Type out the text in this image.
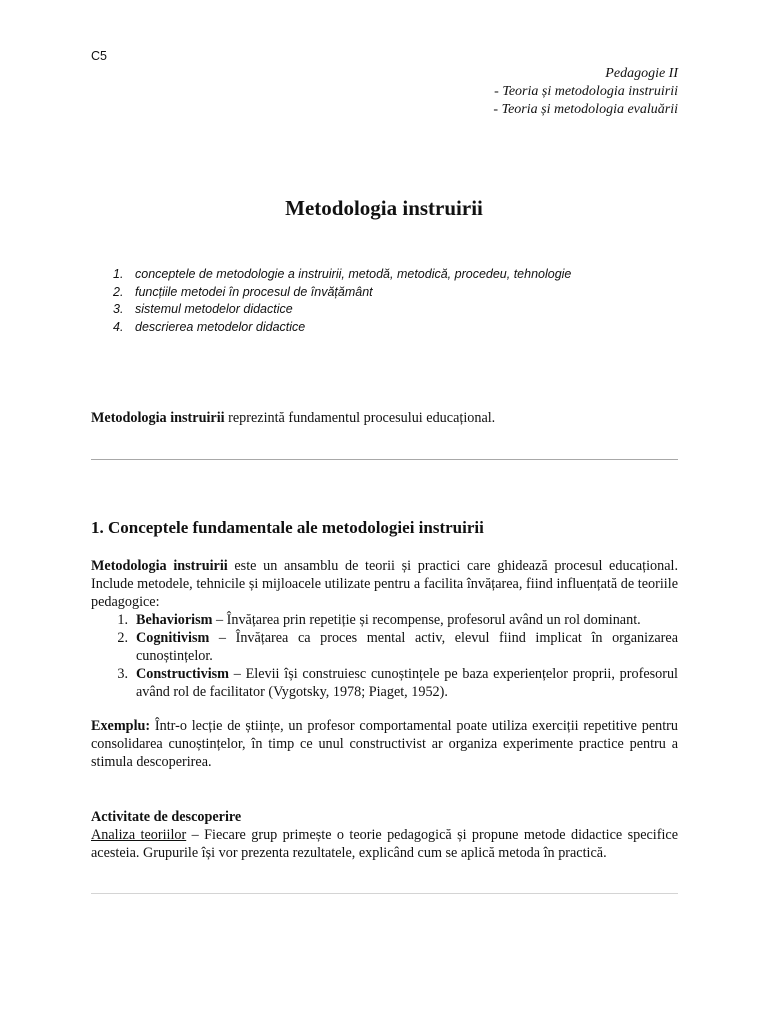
C5
Pedagogie II
- Teoria și metodologia instruirii
- Teoria și metodologia evaluării
Metodologia instruirii
1. conceptele de metodologie a instruirii, metodă, metodică, procedeu, tehnologie
2. funcțiile metodei în procesul de învățământ
3. sistemul metodelor didactice
4. descrierea metodelor didactice

Metodologia instruirii reprezintă fundamentul procesului educațional.

1. Conceptele fundamentale ale metodologiei instruirii

Metodologia instruirii este un ansamblu de teorii și practici care ghidează procesul educațional. Include metodele, tehnicile și mijloacele utilizate pentru a facilita învățarea, fiind influențată de teoriile pedagogice:

1. Behaviorism – Învățarea prin repetiție și recompense, profesorul având un rol dominant.
2. Cognitivism – Învățarea ca proces mental activ, elevul fiind implicat în organizarea cunoștințelor.
3. Constructivism – Elevii își construiesc cunoștințele pe baza experiențelor proprii, profesorul având rol de facilitator (Vygotsky, 1978; Piaget, 1952).

Exemplu: Într-o lecție de științe, un profesor comportamental poate utiliza exerciții repetitive pentru consolidarea cunoștințelor, în timp ce unul constructivist ar organiza experimente practice pentru a stimula descoperirea.

Activitate de descoperire

Analiza teoriilor – Fiecare grup primește o teorie pedagogică și propune metode didactice specifice acesteia. Grupurile își vor prezenta rezultatele, explicând cum se aplică metoda în practică.
